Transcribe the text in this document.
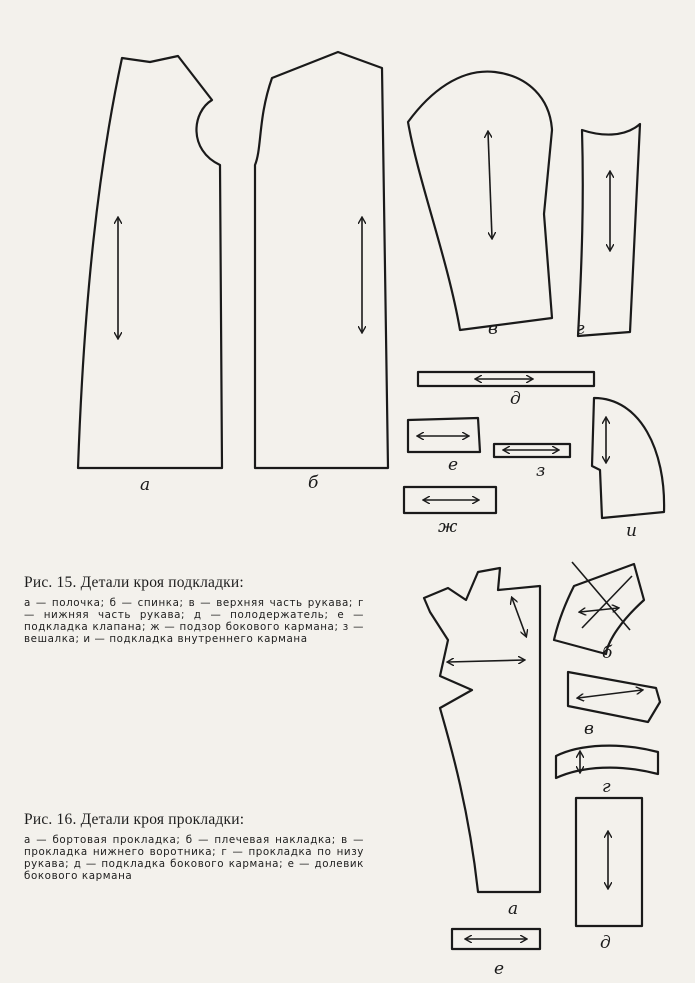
а	б
в	г
д
е	з
ж	и
а
б
в
г
д
е

Рис. 15. Детали кроя подкладки:

а — полочка; б — спинка; в — верхняя часть рукава; г — нижняя часть рукава; д — полодержатель; е — подкладка клапана; ж — подзор бокового кармана; з — вешалка; и — подкладка внутреннего кармана

Рис. 16. Детали кроя прокладки:

а — бортовая прокладка; б — плечевая накладка; в — прокладка нижнего воротника; г — прокладка по низу рукава; д — подкладка бокового кармана; е — долевик бокового кармана
